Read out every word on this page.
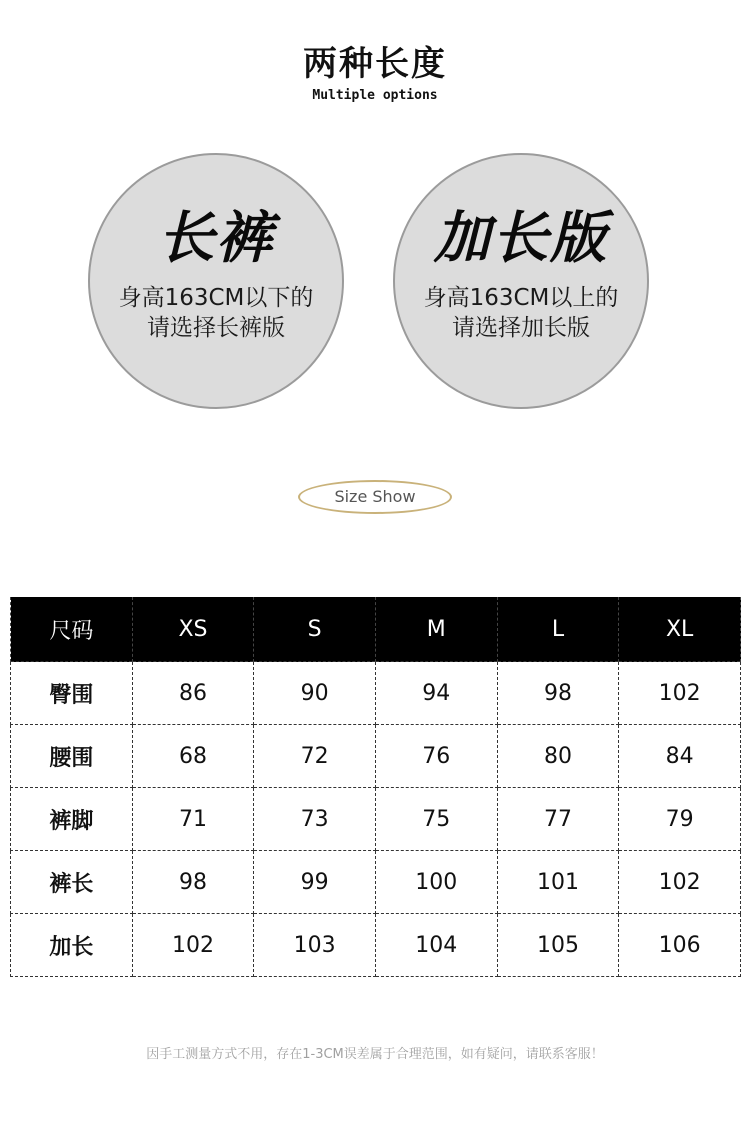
两种长度
Multiple options
长裤
身高163CM以下的
请选择长裤版
加长版
身高163CM以上的
请选择加长版
Size Show
尺码	XS	S	M	L	XL
臀围	86	90	94	98	102
腰围	68	72	76	80	84
裤脚	71	73	75	77	79
裤长	98	99	100	101	102
加长	102	103	104	105	106
因手工测量方式不用，存在1-3CM误差属于合理范围，如有疑问，请联系客服！
